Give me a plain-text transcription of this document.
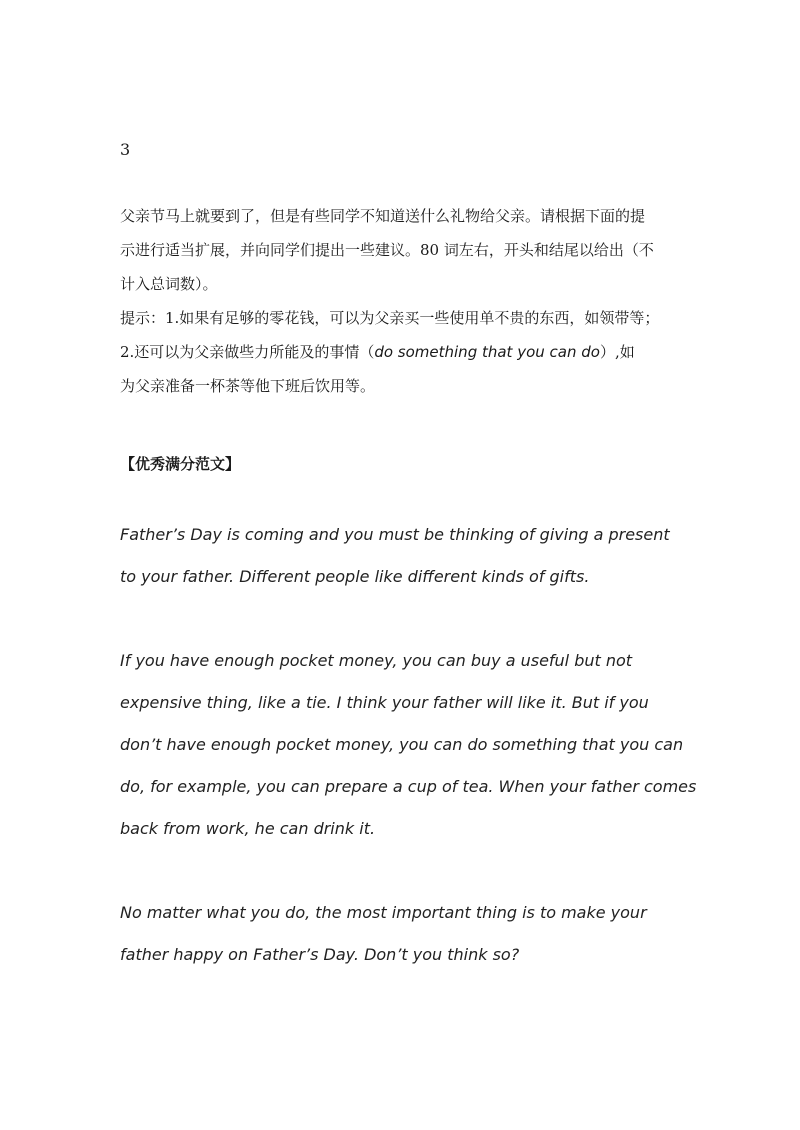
3
父亲节马上就要到了，但是有些同学不知道送什么礼物给父亲。请根据下面的提
示进行适当扩展，并向同学们提出一些建议。80 词左右，开头和结尾以给出（不
计入总词数）。
提示：1.如果有足够的零花钱，可以为父亲买一些使用单不贵的东西，如领带等；
2.还可以为父亲做些力所能及的事情（do something that you can do）,如
为父亲准备一杯茶等他下班后饮用等。
【优秀满分范文】
Father’s Day is coming and you must be thinking of giving a present
to your father. Different people like different kinds of gifts.
If you have enough pocket money, you can buy a useful but not
expensive thing, like a tie. I think your father will like it. But if you
don’t have enough pocket money, you can do something that you can
do, for example, you can prepare a cup of tea. When your father comes
back from work, he can drink it.
No matter what you do, the most important thing is to make your
father happy on Father’s Day. Don’t you think so?
